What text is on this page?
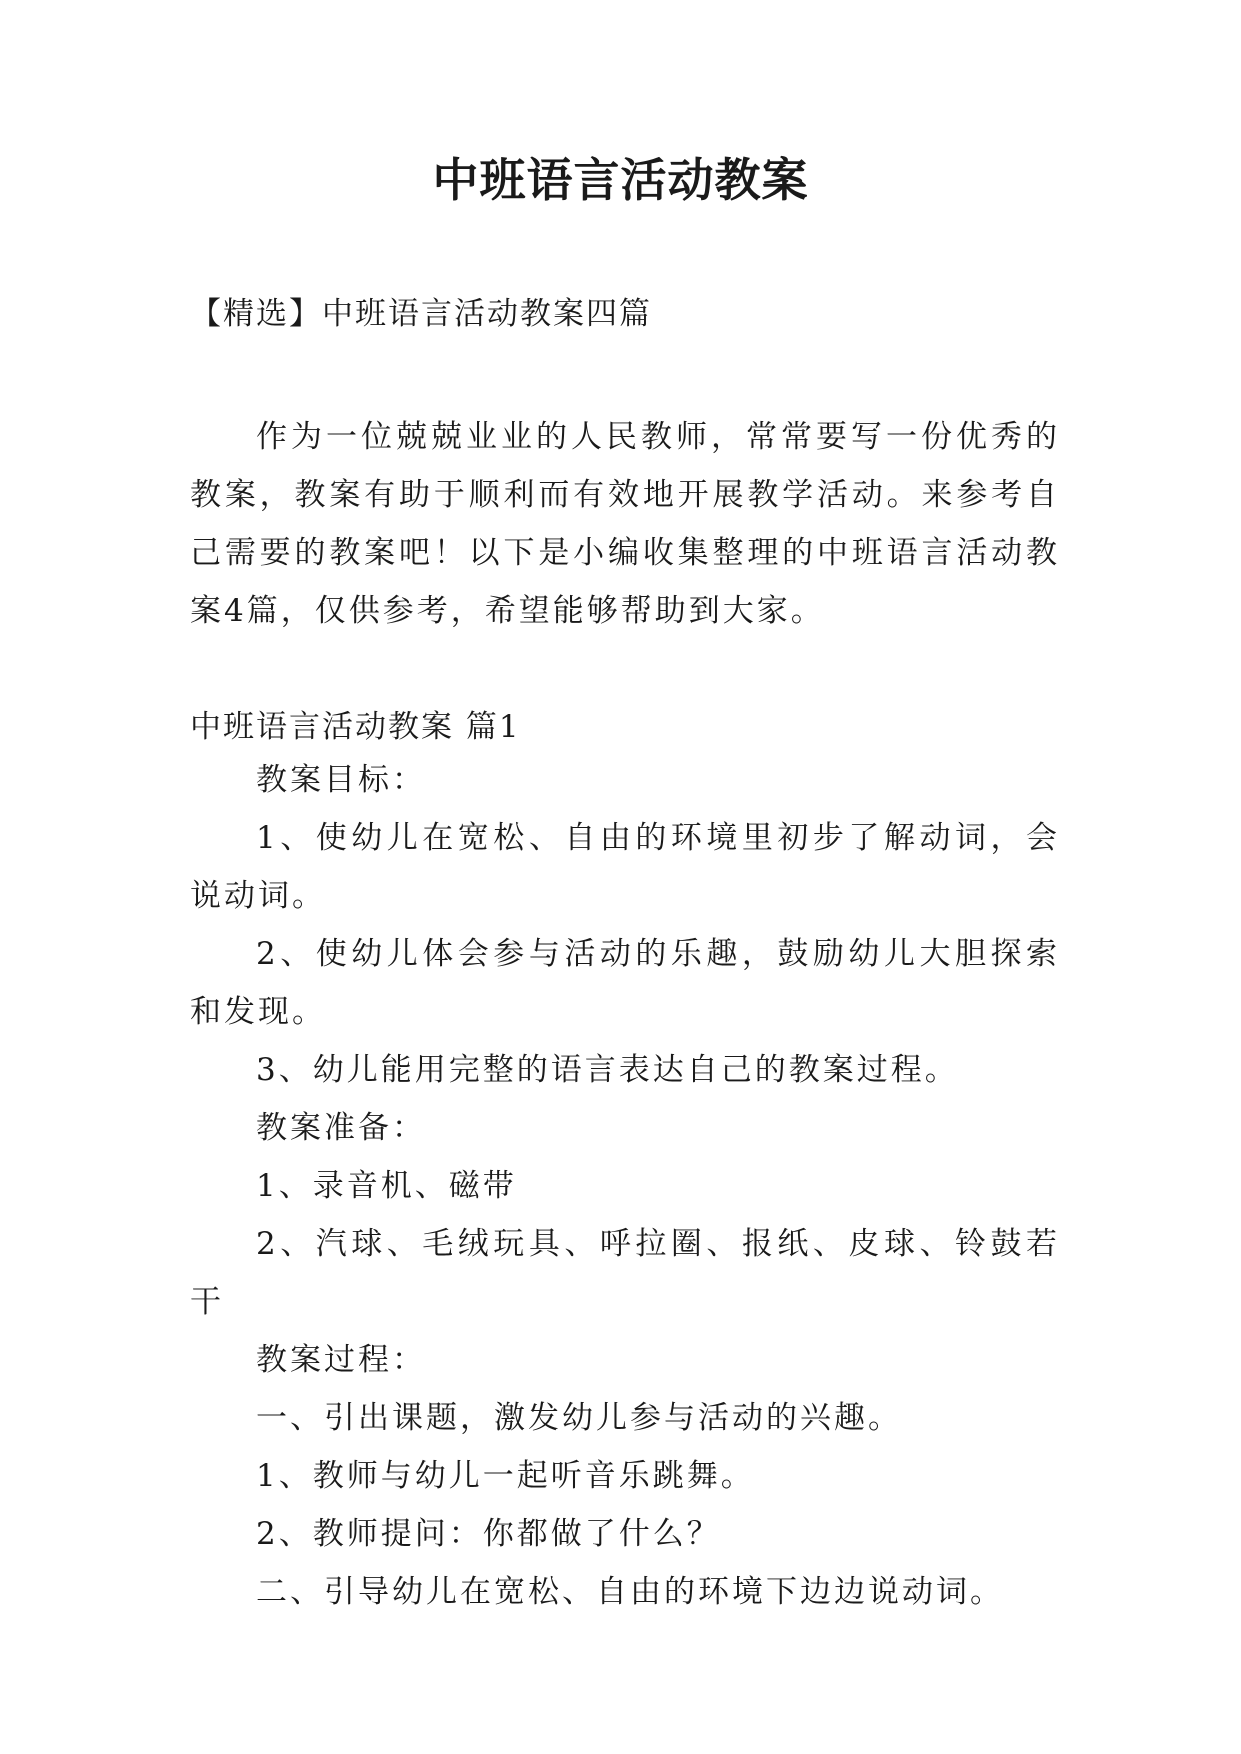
中班语言活动教案
【精选】中班语言活动教案四篇

作为一位兢兢业业的人民教师，常常要写一份优秀的教案，教案有助于顺利而有效地开展教学活动。来参考自己需要的教案吧！以下是小编收集整理的中班语言活动教案4篇，仅供参考，希望能够帮助到大家。

中班语言活动教案 篇1

教案目标：

1、使幼儿在宽松、自由的环境里初步了解动词，会说动词。

2、使幼儿体会参与活动的乐趣，鼓励幼儿大胆探索和发现。

3、幼儿能用完整的语言表达自己的教案过程。

教案准备：

1、录音机、磁带

2、汽球、毛绒玩具、呼拉圈、报纸、皮球、铃鼓若干

教案过程：

一、引出课题，激发幼儿参与活动的兴趣。

1、教师与幼儿一起听音乐跳舞。

2、教师提问：你都做了什么？

二、引导幼儿在宽松、自由的环境下边边说动词。
